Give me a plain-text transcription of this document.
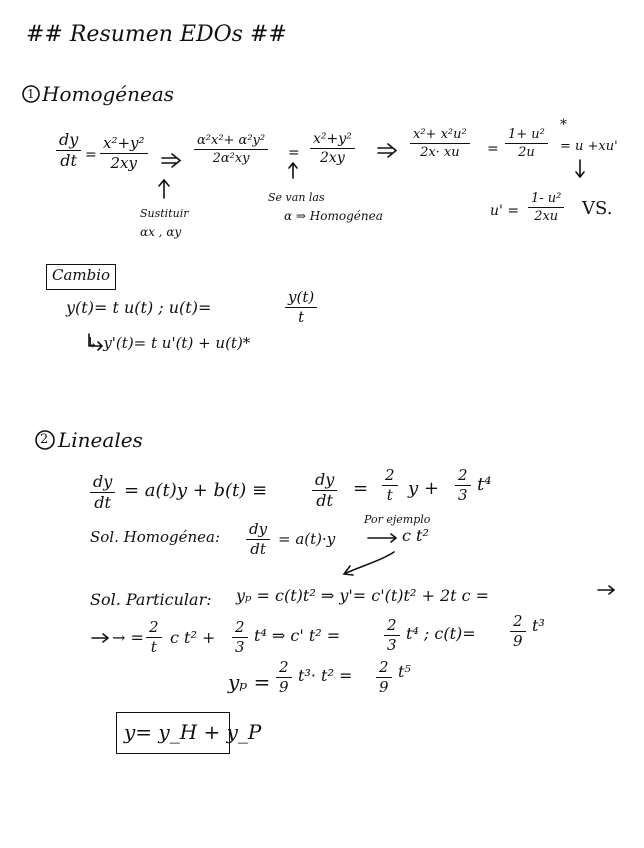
## Resumen EDOs ##
1 Homogéneas
$\frac{dy}{dt} = \frac{\text{x²+y²}}{2xy}$	$\frac{\text{α²x²+ α²y²}}{\text{2α²xy}} = \frac{\text{x²+y²}}{2xy}$	$\frac{\text{x²+ x²u²}}{2x\cdot xu} = \frac{\text{1+ u²}}{2u} = u +xu'$
*
Sustituir
αx , αy
Se van las
α ⇒ Homogénea	$u' = \frac{\text{1- u²}}{2xu}$ VS.
Cambio
y(t)= t u(t) ; u(t)=	$\frac{y(t)}{t}$
↳ y'(t)= t u'(t) + u(t)*
2 Lineales
$\frac{dy}{dt} = a(t)y + b(t)$ ≡	$\frac{dy}{dt} = \frac{2}{t}$ $y + \frac{2}{3} t^4$
Sol. Homogénea: $\frac{dy}{dt} = a(t)\cdot y$
Por ejemplo
c t²
Sol. Particular: yₚ = c(t)t² ⇒ y'= c'(t)t² + 2t c =
→ = $\frac{2}{t}$ c $t^2 + \frac{2}{3} t^4$ ⇒ c' t² =	$\frac{2}{3} t^4$ ; $c(t)= \frac{2}{9} t^3$
$y_p = \frac{2}{9} t^3\cdot t^2 = \frac{2}{9} t^5$
y= y_H + y_P
